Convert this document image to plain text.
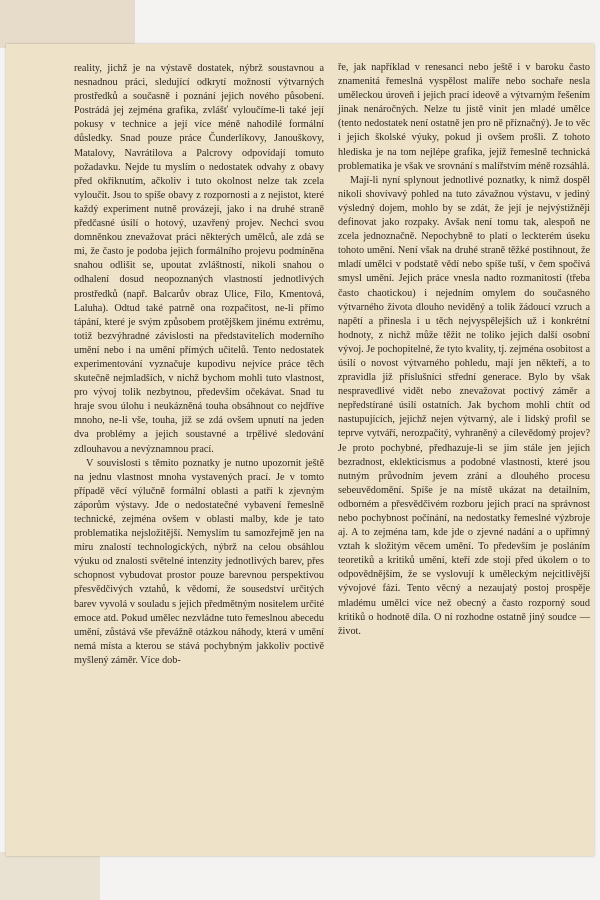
reality, jichž je na výstavě dostatek, nýbrž soustavnou a nesnadnou práci, sledující odkrytí možností výtvarných prostředků a současně i poznání jejich nového působení. Postrádá jej zejména grafika, zvlášť vyloučíme-li také její pokusy v technice a její více méně nahodilé formální důsledky. Snad pouze práce Čunderlíkovy, Janouškovy, Matalovy, Navrátilova a Palcrovy odpovídají tomuto požadavku. Nejde tu myslím o nedostatek odvahy z obavy před okřiknutím, ačkoliv i tuto okolnost nelze tak zcela vyloučit. Jsou to spíše obavy z rozpornosti a z nejistot, které každý experiment nutně provázejí, jako i na druhé straně předčasné úsilí o hotový, uzavřený projev. Nechci svou domněnkou znevažovat práci některých umělců, ale zdá se mi, že často je podoba jejich formálního projevu podmíněna snahou odlišit se, upoutat zvláštností, nikoli snahou o odhalení dosud neopoznaných vlastností jednotlivých prostředků (např. Balcarův obraz Ulice, Filo, Kmentová, Laluha). Odtud také patrně ona rozpačitost, ne-li přímo tápání, které je svým způsobem protějškem jinému extrému, totiž bezvýhradné závislosti na představitelích moderního umění nebo i na umění přímých učitelů. Tento nedostatek experimentování vyznačuje kupodivu nejvíce práce těch skutečně nejmladších, v nichž bychom mohli tuto vlastnost, pro vývoj tolik nezbytnou, především očekávat. Snad tu hraje svou úlohu i neukázněná touha obsáhnout co nejdříve mnoho, ne-li vše, touha, jíž se zdá ovšem upnutí na jeden dva problémy a jejich soustavné a trpělivé sledování zdlouhavou a nevýznamnou prací.

V souvislosti s těmito poznatky je nutno upozornit ještě na jednu vlastnost mnoha vystavených prací. Je v tomto případě věcí výlučně formální oblasti a patří k zjevným záporům výstavy. Jde o nedostatečné vybavení řemeslně technické, zejména ovšem v oblasti malby, kde je tato problematika nejsložitější. Nemyslím tu samozřejmě jen na míru znalostí technologických, nýbrž na celou obsáhlou výuku od znalosti světelné intenzity jednotlivých barev, přes schopnost vybudovat prostor pouze barevnou perspektivou přesvědčivých vztahů, k vědomí, že sousedství určitých barev vyvolá v souladu s jejich předmětným nositelem určité emoce atd. Pokud umělec nezvládne tuto řemeslnou abecedu umění, zůstává vše převážně otázkou náhody, která v umění nemá místa a kterou se stává pochybným jakkoliv poctivě myšlený záměr. Více dob-

ře, jak například v renesanci nebo ještě i v baroku často znamenitá řemeslná vyspělost malíře nebo sochaře nesla uměleckou úroveň i jejich prací ideově a výtvarným řešením jinak nenáročných. Nelze tu jistě vinit jen mladé umělce (tento nedostatek není ostatně jen pro ně příznačný). Je to věc i jejich školské výuky, pokud ji ovšem prošli. Z tohoto hlediska je na tom nejlépe grafika, jejíž řemeslně technická problematika je však ve srovnání s malířstvím méně rozsáhlá.

Mají-li nyní splynout jednotlivé poznatky, k nimž dospěl nikoli shovívavý pohled na tuto závažnou výstavu, v jediný výsledný dojem, mohlo by se zdát, že její je nejvýstižněji definovat jako rozpaky. Avšak není tomu tak, alespoň ne zcela jednoznačně. Nepochybně to platí o leckterém úseku tohoto umění. Není však na druhé straně těžké postihnout, že mladí umělci v podstatě vědí nebo spíše tuší, v čem spočívá smysl umění. Jejich práce vnesla nadto rozmanitostí (třeba často chaotickou) i nejedním omylem do současného výtvarného života dlouho neviděný a tolik žádoucí vzruch a napětí a přinesla i u těch nejvyspělejších už i konkrétní hodnoty, z nichž může těžit ne toliko jejich další osobní vývoj. Je pochopitelné, že tyto kvality, tj. zejména osobitost a úsilí o novost výtvarného pohledu, mají jen někteří, a to zpravidla již příslušníci střední generace. Bylo by však nespravedlivé vidět nebo znevažovat poctivý záměr a nepředstírané úsilí ostatních. Jak bychom mohli chtít od nastupujících, jejichž nejen výtvarný, ale i lidský profil se teprve vytváří, nerozpačitý, vyhraněný a cílevědomý projev? Je proto pochybné, předhazuje-li se jim stále jen jejich bezradnost, eklekticismus a podobné vlastnosti, které jsou nutným průvodním jevem zrání a dlouhého procesu sebeuvědomění. Spíše je na místě ukázat na detailním, odborném a přesvědčivém rozboru jejich prací na správnost nebo pochybnost počínání, na nedostatky řemeslné výzbroje aj. A to zejména tam, kde jde o zjevné nadání a o upřímný vztah k složitým věcem umění. To především je posláním teoretiků a kritiků umění, kteří zde stojí před úkolem o to odpovědnějším, že se vyslovují k uměleckým nejcitlivější vývojové fázi. Tento věcný a nezaujatý postoj prospěje mladému umělci více než obecný a často rozporný soud kritiků o hodnotě díla. O ní rozhodne ostatně jiný soudce — život.
